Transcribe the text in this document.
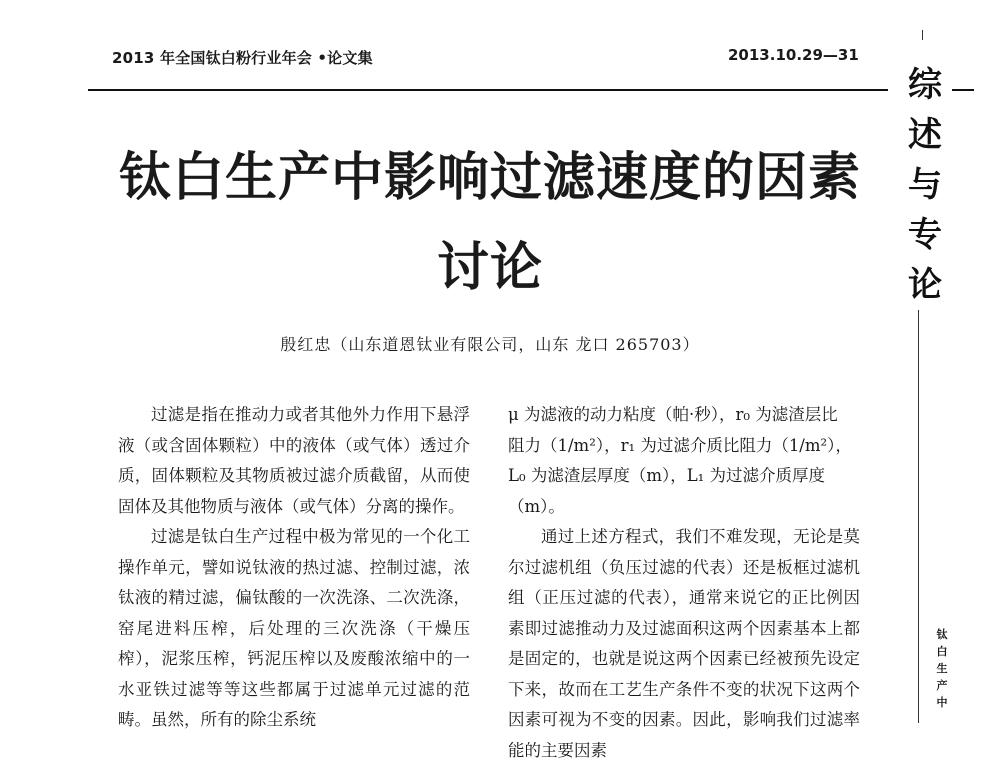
2013 年全国钛白粉行业年会 •论文集	2013.10.29—31
综
述
与
专
论
钛
白
生
产
中
钛白生产中影响过滤速度的因素
讨论
殷红忠（山东道恩钛业有限公司，山东 龙口 265703）

过滤是指在推动力或者其他外力作用下悬浮液（或含固体颗粒）中的液体（或气体）透过介质，固体颗粒及其物质被过滤介质截留，从而使固体及其他物质与液体（或气体）分离的操作。

过滤是钛白生产过程中极为常见的一个化工操作单元，譬如说钛液的热过滤、控制过滤，浓钛液的精过滤，偏钛酸的一次洗涤、二次洗涤，窑尾进料压榨，后处理的三次洗涤（干燥压榨），泥浆压榨，钙泥压榨以及废酸浓缩中的一水亚铁过滤等等这些都属于过滤单元过滤的范畴。虽然，所有的除尘系统

μ 为滤液的动力粘度（帕·秒），r₀ 为滤渣层比
阻力（1/m²），r₁ 为过滤介质比阻力（1/m²），
L₀ 为滤渣层厚度（m），L₁ 为过滤介质厚度
（m）。

通过上述方程式，我们不难发现，无论是莫尔过滤机组（负压过滤的代表）还是板框过滤机组（正压过滤的代表），通常来说它的正比例因素即过滤推动力及过滤面积这两个因素基本上都是固定的，也就是说这两个因素已经被预先设定下来，故而在工艺生产条件不变的状况下这两个因素可视为不变的因素。因此，影响我们过滤率能的主要因素
